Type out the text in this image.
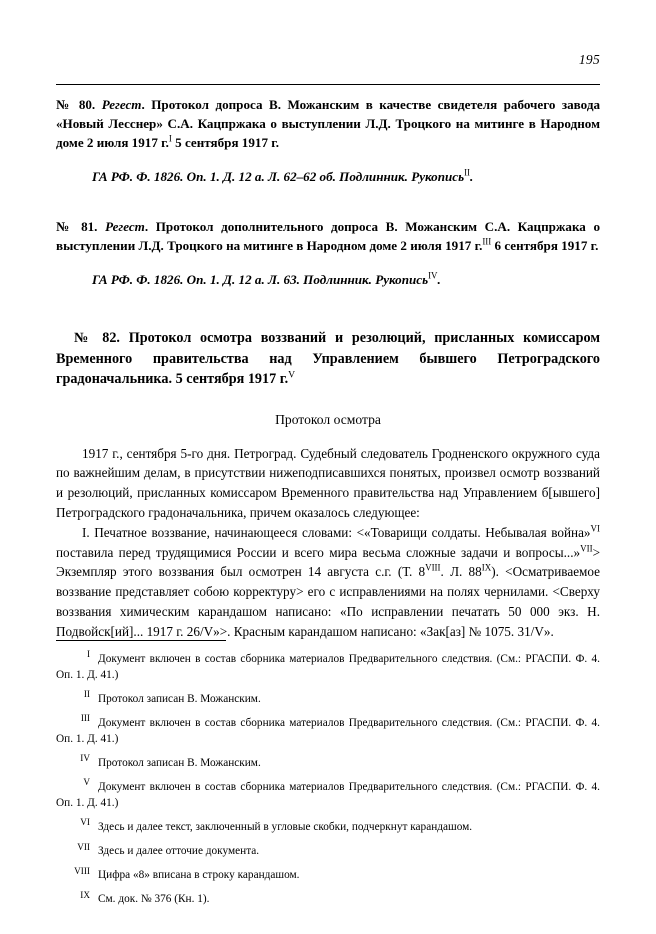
195

№ 80. Регест. Протокол допроса В. Можанским в качестве свидетеля рабочего завода «Новый Лесснер» С.А. Кацпржака о выступлении Л.Д. Троцкого на митинге в Народном доме 2 июля 1917 г.$^I$ 5 сентября 1917 г.

ГА РФ. Ф. 1826. Оп. 1. Д. 12 а. Л. 62–62 об. Подлинник. Рукопись$^{II}$.

№ 81. Регест. Протокол дополнительного допроса В. Можанским С.А. Кацпржака о выступлении Л.Д. Троцкого на митинге в Народном доме 2 июля 1917 г.$^{III}$ 6 сентября 1917 г.

ГА РФ. Ф. 1826. Оп. 1. Д. 12 а. Л. 63. Подлинник. Рукопись$^{IV}$.

№ 82. Протокол осмотра воззваний и резолюций, присланных комиссаром Временного правительства над Управлением бывшего Петроградского градоначальника. 5 сентября 1917 г.$^V$

Протокол осмотра

1917 г., сентября 5-го дня. Петроград. Судебный следователь Гродненского окружного суда по важнейшим делам, в присутствии нижеподписавшихся понятых, произвел осмотр воззваний и резолюций, присланных комиссаром Временного правительства над Управлением б[ывшего] Петроградского градоначальника, причем оказалось следующее:

I. Печатное воззвание, начинающееся словами: <«Товарищи солдаты. Небывалая война»$^{VI}$ поставила перед трудящимися России и всего мира весьма сложные задачи и вопросы...»$^{VII}$> Экземпляр этого воззвания был осмотрен 14 августа с.г. (Т. $8^{VIII}$. Л. $88^{IX}$). <Осматриваемое воззвание представляет собою корректуру> его с исправлениями на полях чернилами. <Сверху воззвания химическим карандашом написано: «По исправлении печатать 50 000 экз. Н. Подвойск[ий]... 1917 г. 26/V»>. Красным карандашом написано: «Зак[аз] № 1075. 31/V».

I Документ включен в состав сборника материалов Предварительного следствия. (См.: РГАСПИ. Ф. 4. Оп. 1. Д. 41.)

II Протокол записан В. Можанским.

III Документ включен в состав сборника материалов Предварительного следствия. (См.: РГАСПИ. Ф. 4. Оп. 1. Д. 41.)

IV Протокол записан В. Можанским.

V Документ включен в состав сборника материалов Предварительного следствия. (См.: РГАСПИ. Ф. 4. Оп. 1. Д. 41.)

VI Здесь и далее текст, заключенный в угловые скобки, подчеркнут карандашом.

VII Здесь и далее отточие документа.

VIII Цифра «8» вписана в строку карандашом.

IX См. док. № 376 (Кн. 1).
